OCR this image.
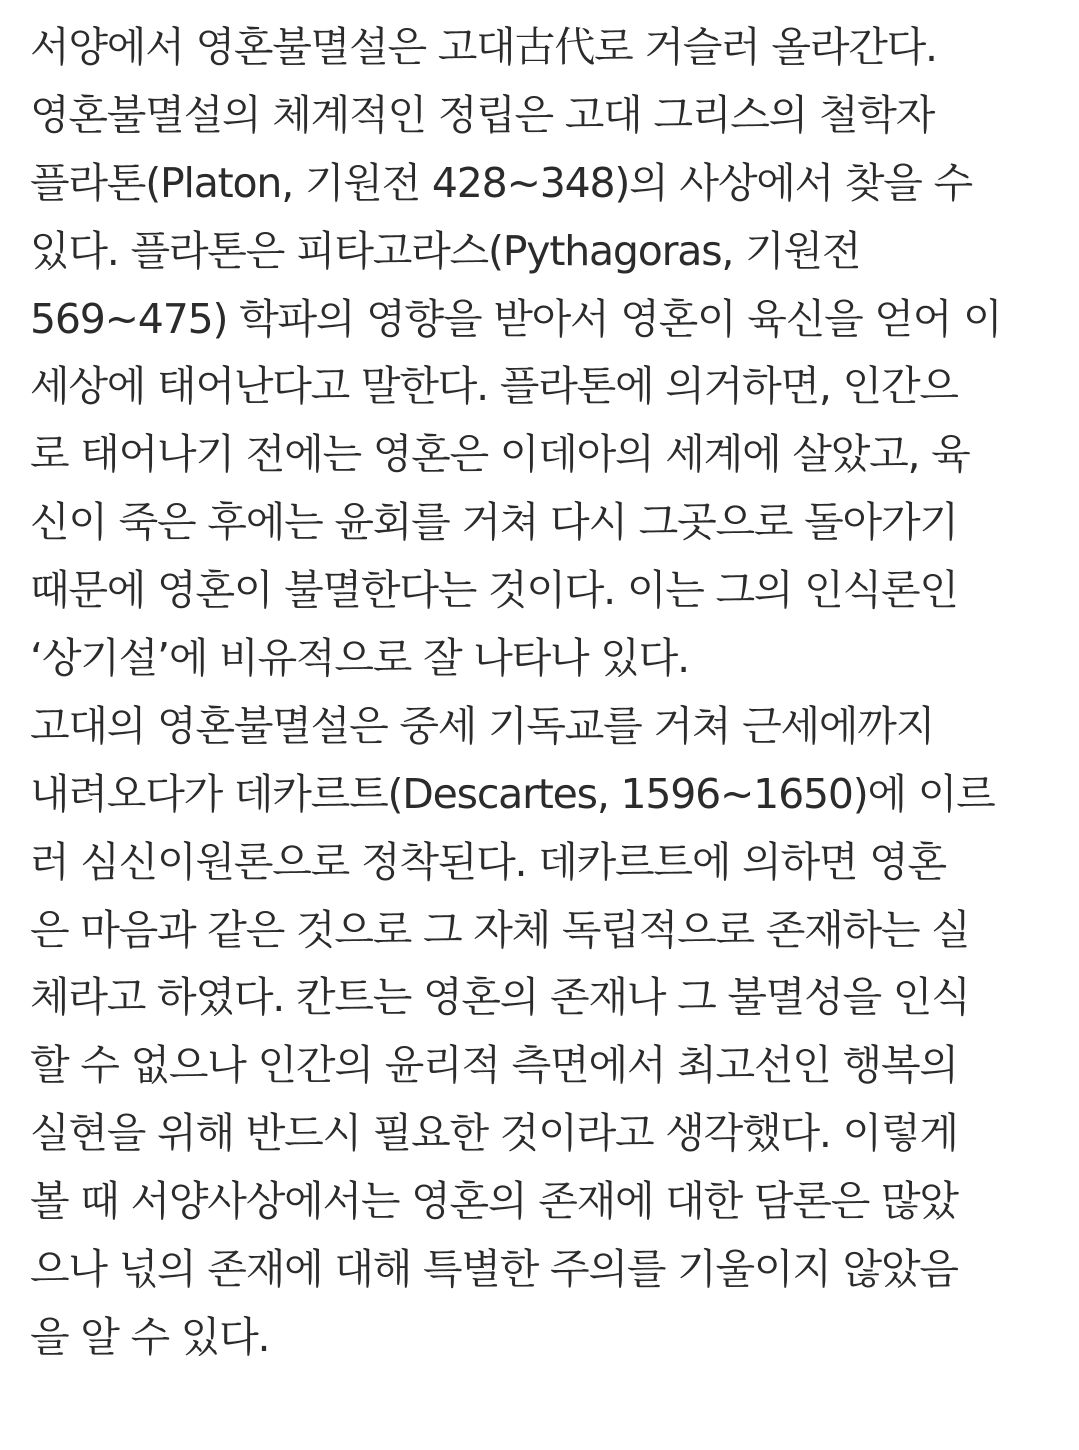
서양에서 영혼불멸설은 고대古代로 거슬러 올라간다.
영혼불멸설의 체계적인 정립은 고대 그리스의 철학자
플라톤(Platon, 기원전 428~348)의 사상에서 찾을 수
있다. 플라톤은 피타고라스(Pythagoras, 기원전
569~475) 학파의 영향을 받아서 영혼이 육신을 얻어 이
세상에 태어난다고 말한다. 플라톤에 의거하면, 인간으
로 태어나기 전에는 영혼은 이데아의 세계에 살았고, 육
신이 죽은 후에는 윤회를 거쳐 다시 그곳으로 돌아가기
때문에 영혼이 불멸한다는 것이다. 이는 그의 인식론인
‘상기설’에 비유적으로 잘 나타나 있다.
고대의 영혼불멸설은 중세 기독교를 거쳐 근세에까지
내려오다가 데카르트(Descartes, 1596~1650)에 이르
러 심신이원론으로 정착된다. 데카르트에 의하면 영혼
은 마음과 같은 것으로 그 자체 독립적으로 존재하는 실
체라고 하였다. 칸트는 영혼의 존재나 그 불멸성을 인식
할 수 없으나 인간의 윤리적 측면에서 최고선인 행복의
실현을 위해 반드시 필요한 것이라고 생각했다. 이렇게
볼 때 서양사상에서는 영혼의 존재에 대한 담론은 많았
으나 넋의 존재에 대해 특별한 주의를 기울이지 않았음
을 알 수 있다.
